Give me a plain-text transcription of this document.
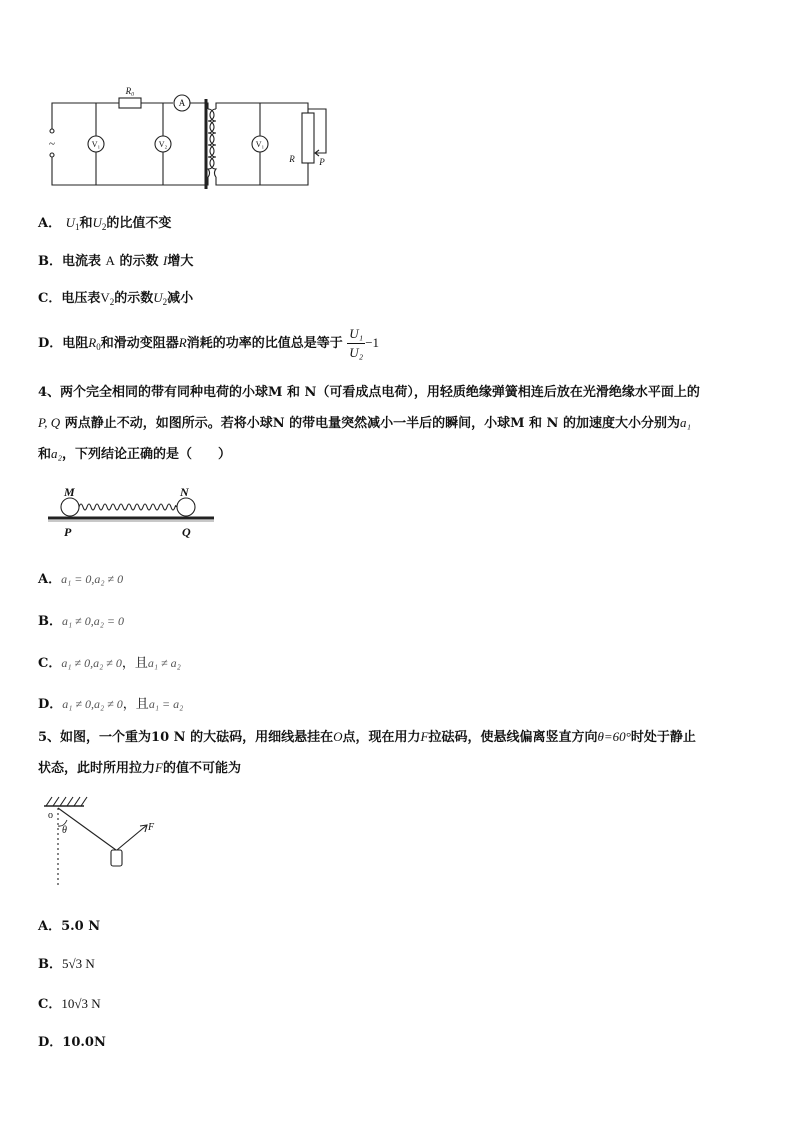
R₀
A
V₁	V₂	V₁
~
R	P
A． $U_1$和$U_2$的比值不变
B．电流表 A 的示数 I增大
C．电压表$V_2$的示数$U_2$减小
D．电阻$R_0$和滑动变阻器R消耗的功率的比值总是等于 $\frac{\text{U₁}}{\text{U₂}} -1$
4、两个完全相同的带有同种电荷的小球M 和 N（可看成点电荷），用轻质绝缘弹簧相连后放在光滑绝缘水平面上的
P, Q 两点静止不动，如图所示。若将小球N 的带电量突然减小一半后的瞬间，小球M 和 N 的加速度大小分别为a₁
和a₂，下列结论正确的是（　　）
M	N
P	Q
A．a₁ = 0,a₂ ≠ 0
B．a₁ ≠ 0,a₂ = 0
C．a₁ ≠ 0,a₂ ≠ 0，且a₁ ≠ a₂
D．a₁ ≠ 0,a₂ ≠ 0，且a₁ = a₂
5、如图，一个重为10 N 的大砝码，用细线悬挂在O点，现在用力F拉砝码，使悬线偏离竖直方向θ=60°时处于静止
状态，此时所用拉力F的值不可能为
o
θ	F
A．5.0 N
B．5√3 N
C．10√3 N
D．10.0N
